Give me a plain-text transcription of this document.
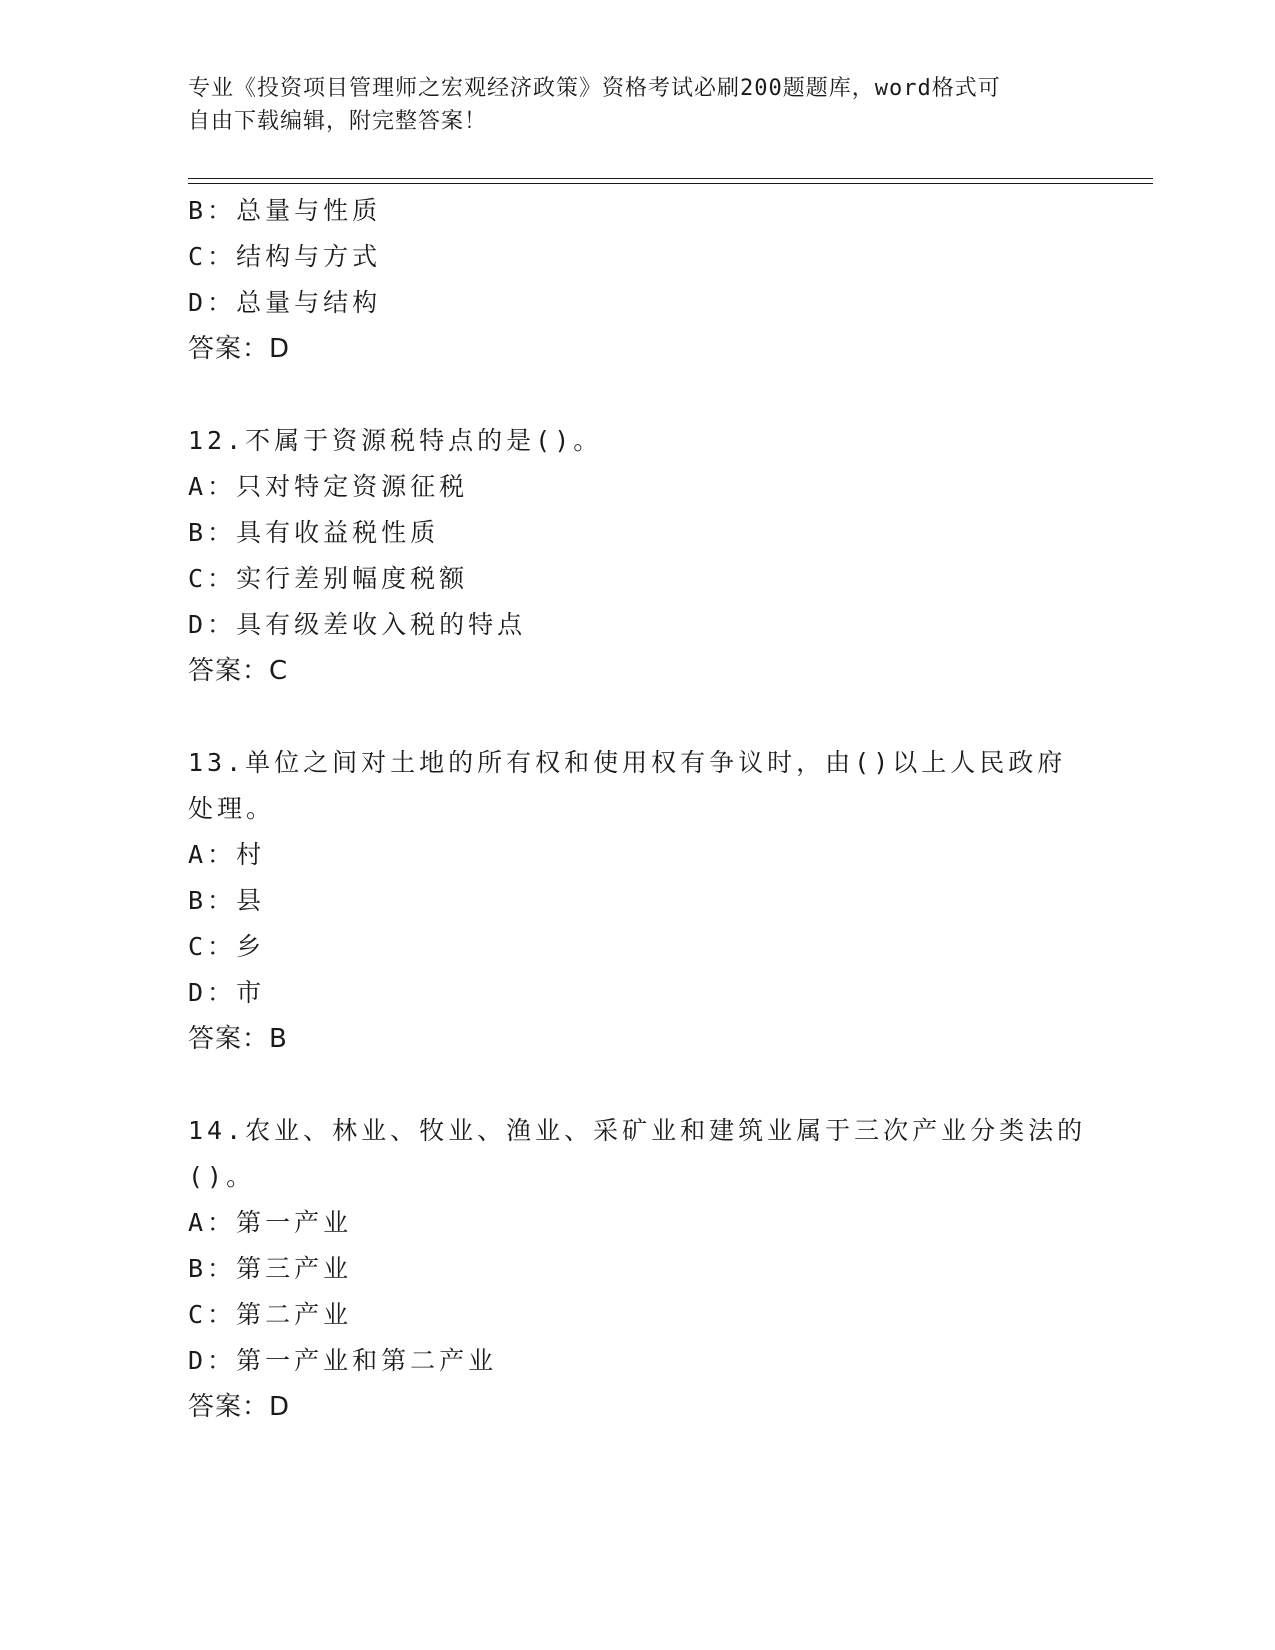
专业《投资项目管理师之宏观经济政策》资格考试必刷200题题库，word格式可
自由下载编辑，附完整答案！
B：总量与性质
C：结构与方式
D：总量与结构
答案：D
12.不属于资源税特点的是()。
A：只对特定资源征税
B：具有收益税性质
C：实行差别幅度税额
D：具有级差收入税的特点
答案：C
13.单位之间对土地的所有权和使用权有争议时，由()以上人民政府处理。
A：村
B：县
C：乡
D：市
答案：B
14.农业、林业、牧业、渔业、采矿业和建筑业属于三次产业分类法的()。
A：第一产业
B：第三产业
C：第二产业
D：第一产业和第二产业
答案：D
